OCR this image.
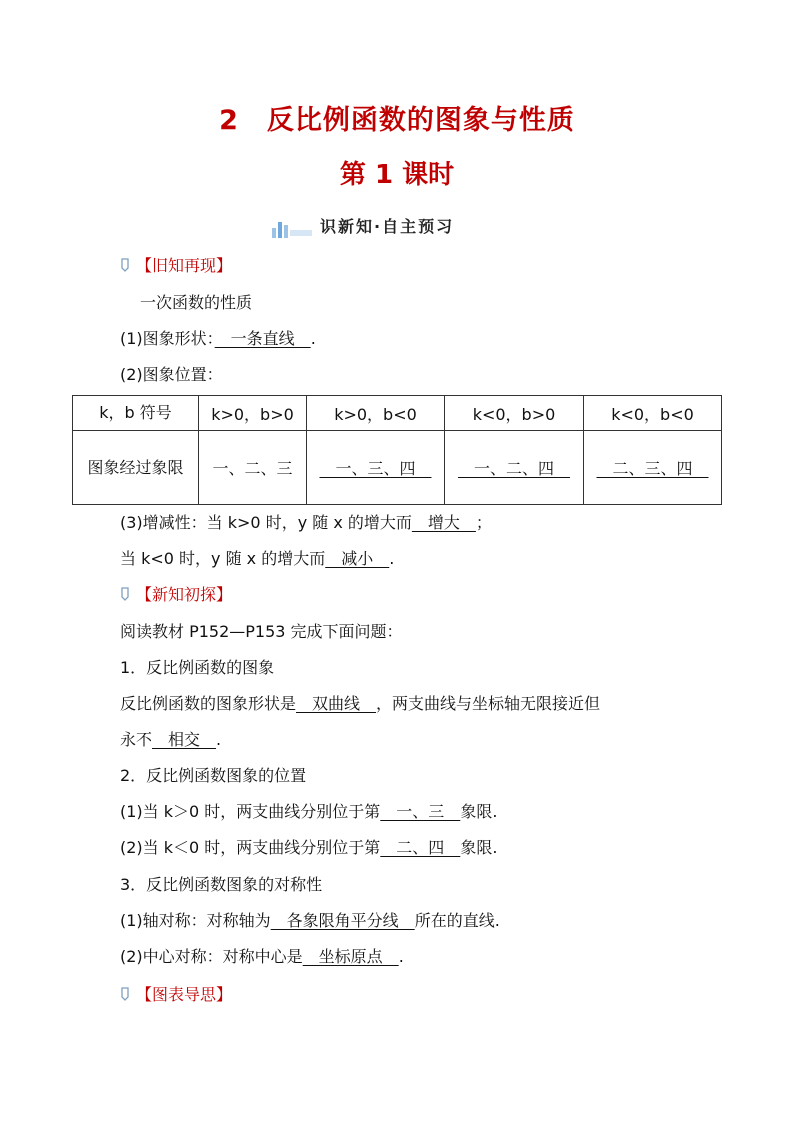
2　反比例函数的图象与性质
第 1 课时
识新知·自主预习
【旧知再现】
一次函数的性质
(1)图象形状：　一条直线　.
(2)图象位置：
k，b 符号	k>0，b>0	k>0，b<0	k<0，b>0	k<0，b<0

图象经过象限	一、二、三	　一、三、四　	　一、二、四　	　二、三、四　
(3)增减性：当 k>0 时，y 随 x 的增大而　增大　；
当 k<0 时，y 随 x 的增大而　减小　.
【新知初探】
阅读教材 P152—P153 完成下面问题：
1．反比例函数的图象
反比例函数的图象形状是　双曲线　，两支曲线与坐标轴无限接近但
永不　相交　.
2．反比例函数图象的位置
(1)当 k＞0 时，两支曲线分别位于第　一、三　象限.
(2)当 k＜0 时，两支曲线分别位于第　二、四　象限.
3．反比例函数图象的对称性
(1)轴对称：对称轴为　各象限角平分线　所在的直线.
(2)中心对称：对称中心是　坐标原点　.
【图表导思】
